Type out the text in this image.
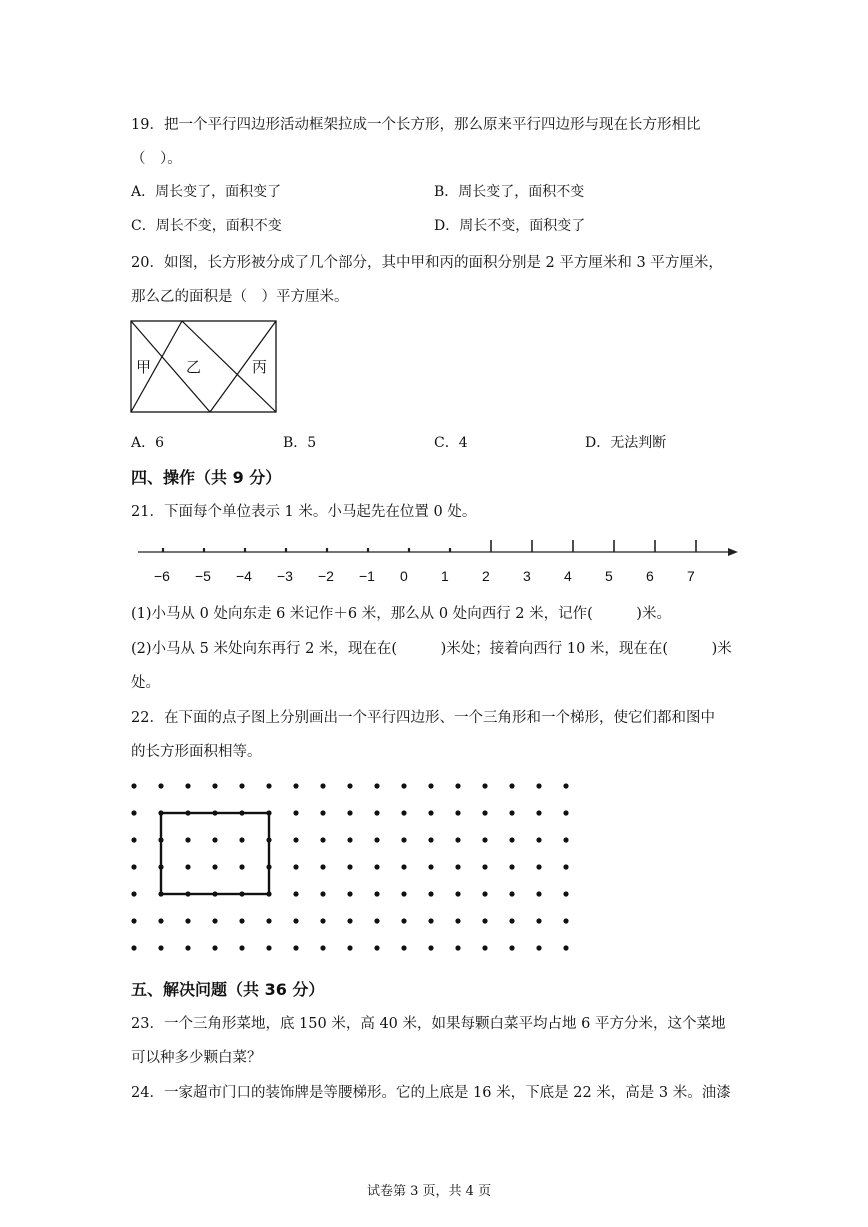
19．把一个平行四边形活动框架拉成一个长方形，那么原来平行四边形与现在长方形相比
（　）。
A．周长变了，面积变了	B．周长变了，面积不变
C．周长不变，面积不变	D．周长不变，面积变了
20．如图，长方形被分成了几个部分，其中甲和丙的面积分别是 2 平方厘米和 3 平方厘米，
那么乙的面积是（　）平方厘米。
甲 乙	丙
A．6	B．5	C．4	D．无法判断
四、操作（共 9 分）
21．下面每个单位表示 1 米。小马起先在位置 0 处。
−6 −5 −4 −3 −2 −1 0 1 2 3 4 5 6 7
(1)小马从 0 处向东走 6 米记作＋6 米，那么从 0 处向西行 2 米，记作(　　　)米。
(2)小马从 5 米处向东再行 2 米，现在在(　　　)米处；接着向西行 10 米，现在在(　　　)米
处。
22．在下面的点子图上分别画出一个平行四边形、一个三角形和一个梯形，使它们都和图中
的长方形面积相等。
五、解决问题（共 36 分）
23．一个三角形菜地，底 150 米，高 40 米，如果每颗白菜平均占地 6 平方分米，这个菜地
可以种多少颗白菜？
24．一家超市门口的装饰牌是等腰梯形。它的上底是 16 米，下底是 22 米，高是 3 米。油漆
试卷第 3 页，共 4 页
